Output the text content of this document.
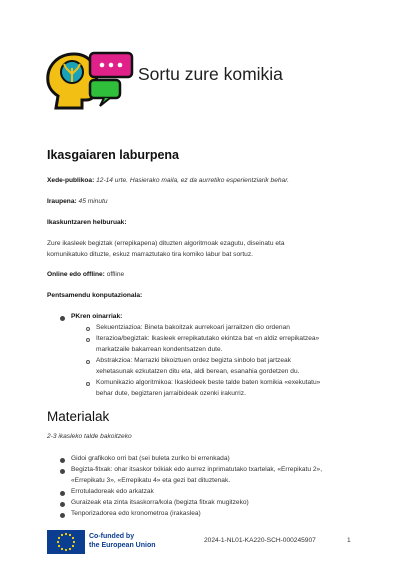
Sortu zure komikia
Ikasgaiaren laburpena
Xede-publikoa: 12-14 urte. Hasierako maila, ez da aurretiko esperientziarik behar.
Iraupena: 45 minutu
Ikaskuntzaren helburuak:
Zure ikasleek begiztak (errepikapena) dituzten algoritmoak ezagutu, diseinatu eta
komunikatuko dituzte, eskuz marraztutako tira komiko labur bat sortuz.
Online edo offline: offline
Pentsamendu konputazionala:
PKren oinarriak:
Sekuentziazioa: Bineta bakoitzak aurrekoari jarraitzen dio ordenan
Iterazioa/begiztak: Ikasleek errepikatutako ekintza bat «n aldiz errepikatzea»
markatzaile bakarrean kondentsatzen dute.
Abstrakzioa: Marrazki bikoiztuen ordez begizta sinbolo bat jartzeak
xehetasunak ezkutatzen ditu eta, aldi berean, esanahia gordetzen du.
Komunikazio algoritmikoa: Ikaskideek beste talde baten komikia «exekutatu»
behar dute, begiztaren jarraibideak ozenki irakurriz.
Materialak
2-3 ikasleko talde bakoitzeko
Gidoi grafikoko orri bat (sei buleta zuriko bi errenkada)
Begizta-fitxak: ohar itsaskor txikiak edo aurrez inprimatutako txartelak, «Errepikatu 2»,
«Errepikatu 3», «Errepikatu 4» eta gezi bat dituztenak.
Errotuladoreak edo arkatzak
Guraizeak eta zinta itsaskorra/kola (begizta fitxak mugitzeko)
Tenporizadorea edo kronometroa (irakaslea)
Co-funded by
the European Union
2024-1-NL01-KA220-SCH-000245907	1
